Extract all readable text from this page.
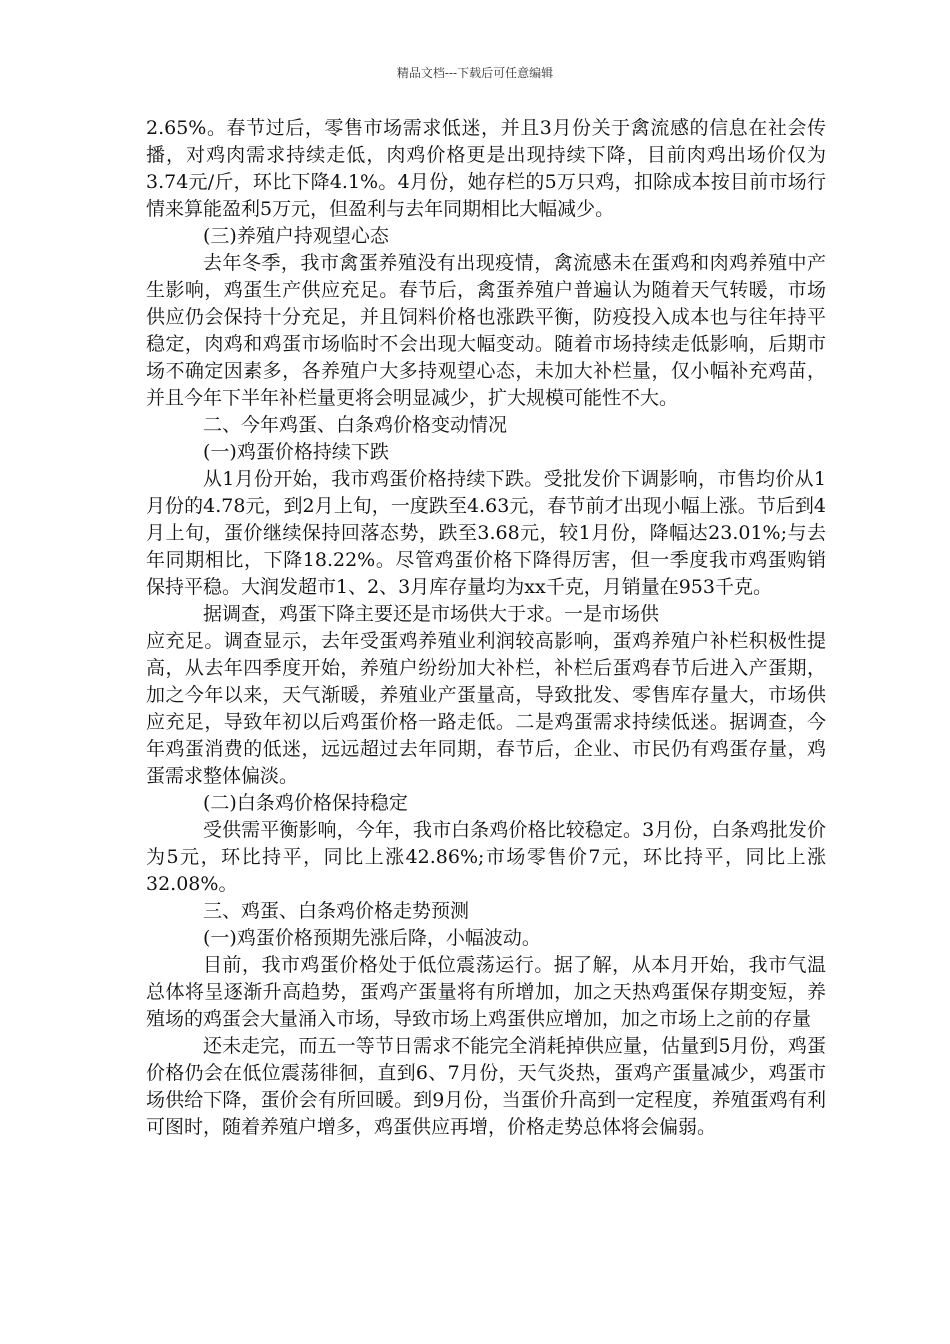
精品文档---下载后可任意编辑

2.65%。春节过后，零售市场需求低迷，并且3月份关于禽流感的信息在社会传播，对鸡肉需求持续走低，肉鸡价格更是出现持续下降，目前肉鸡出场价仅为3.74元/斤，环比下降4.1%。4月份，她存栏的5万只鸡，扣除成本按目前市场行情来算能盈利5万元，但盈利与去年同期相比大幅减少。

(三)养殖户持观望心态

去年冬季，我市禽蛋养殖没有出现疫情，禽流感未在蛋鸡和肉鸡养殖中产生影响，鸡蛋生产供应充足。春节后，禽蛋养殖户普遍认为随着天气转暖，市场供应仍会保持十分充足，并且饲料价格也涨跌平衡，防疫投入成本也与往年持平稳定，肉鸡和鸡蛋市场临时不会出现大幅变动。随着市场持续走低影响，后期市场不确定因素多，各养殖户大多持观望心态，未加大补栏量，仅小幅补充鸡苗，并且今年下半年补栏量更将会明显减少，扩大规模可能性不大。

二、今年鸡蛋、白条鸡价格变动情况

(一)鸡蛋价格持续下跌

从1月份开始，我市鸡蛋价格持续下跌。受批发价下调影响，市售均价从1月份的4.78元，到2月上旬，一度跌至4.63元，春节前才出现小幅上涨。节后到4月上旬，蛋价继续保持回落态势，跌至3.68元，较1月份，降幅达23.01%;与去年同期相比，下降18.22%。尽管鸡蛋价格下降得厉害，但一季度我市鸡蛋购销保持平稳。大润发超市1、2、3月库存量均为xx千克，月销量在953千克。

据调查，鸡蛋下降主要还是市场供大于求。一是市场供

应充足。调查显示，去年受蛋鸡养殖业利润较高影响，蛋鸡养殖户补栏积极性提高，从去年四季度开始，养殖户纷纷加大补栏，补栏后蛋鸡春节后进入产蛋期，加之今年以来，天气渐暖，养殖业产蛋量高，导致批发、零售库存量大，市场供应充足，导致年初以后鸡蛋价格一路走低。二是鸡蛋需求持续低迷。据调查，今年鸡蛋消费的低迷，远远超过去年同期，春节后，企业、市民仍有鸡蛋存量，鸡蛋需求整体偏淡。

(二)白条鸡价格保持稳定

受供需平衡影响，今年，我市白条鸡价格比较稳定。3月份，白条鸡批发价为5元，环比持平，同比上涨42.86%;市场零售价7元，环比持平，同比上涨32.08%。

三、鸡蛋、白条鸡价格走势预测

(一)鸡蛋价格预期先涨后降，小幅波动。

目前，我市鸡蛋价格处于低位震荡运行。据了解，从本月开始，我市气温总体将呈逐渐升高趋势，蛋鸡产蛋量将有所增加，加之天热鸡蛋保存期变短，养殖场的鸡蛋会大量涌入市场，导致市场上鸡蛋供应增加，加之市场上之前的存量

还未走完，而五一等节日需求不能完全消耗掉供应量，估量到5月份，鸡蛋价格仍会在低位震荡徘徊，直到6、7月份，天气炎热，蛋鸡产蛋量减少，鸡蛋市场供给下降，蛋价会有所回暖。到9月份，当蛋价升高到一定程度，养殖蛋鸡有利可图时，随着养殖户增多，鸡蛋供应再增，价格走势总体将会偏弱。
